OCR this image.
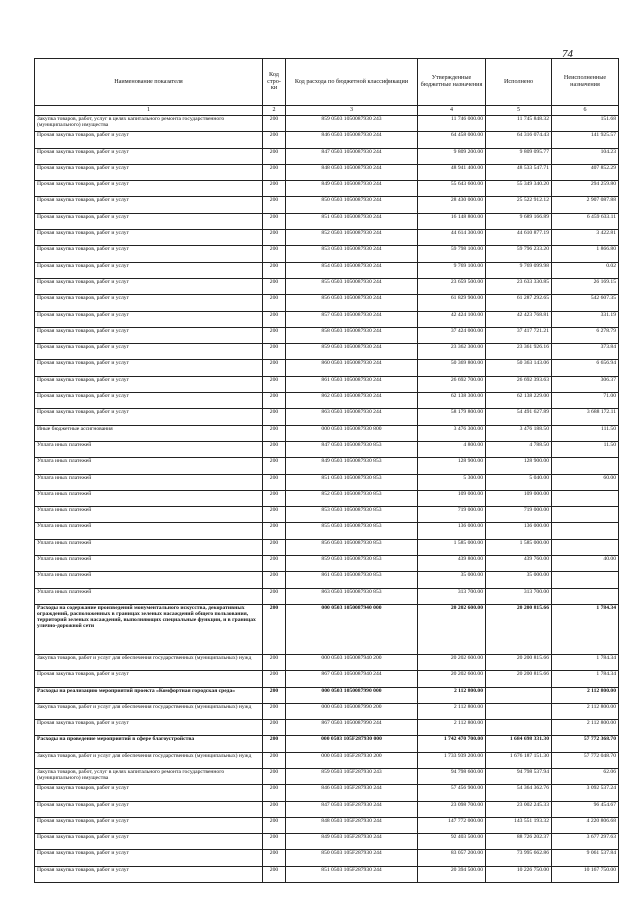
74
Наименование показателя	Код стро-ки	Код расхода по бюджетной классификации	Утвержденные бюджетные назначения	Исполнено	Неисполненные назначения
1	2	3	4	5	6
Закупка товаров, работ, услуг в целях капитального ремонта государственного (муниципального) имущества	200	859 0503 1050087930 243	11 746 000.00	11 745 848.32	151.68
Прочая закупка товаров, работ и услуг	200	846 0503 1050087930 244	64 458 000.00	64 316 074.43	141 925.57
Прочая закупка товаров, работ и услуг	200	847 0503 1050087930 244	9 809 200.00	9 809 095.77	104.23
Прочая закупка товаров, работ и услуг	200	848 0503 1050087930 244	48 941 400.00	48 533 547.71	407 852.29
Прочая закупка товаров, работ и услуг	200	849 0503 1050087930 244	55 643 600.00	55 349 340.20	294 259.80
Прочая закупка товаров, работ и услуг	200	850 0503 1050087930 244	28 430 000.00	25 522 912.12	2 907 087.88
Прочая закупка товаров, работ и услуг	200	851 0503 1050087930 244	16 148 800.00	9 689 166.89	6 459 633.11
Прочая закупка товаров, работ и услуг	200	852 0503 1050087930 244	44 614 300.00	44 610 877.19	3 422.81
Прочая закупка товаров, работ и услуг	200	853 0503 1050087930 244	59 798 100.00	59 796 233.20	1 866.80
Прочая закупка товаров, работ и услуг	200	854 0503 1050087930 244	9 769 100.00	9 769 099.98	0.02
Прочая закупка товаров, работ и услуг	200	855 0503 1050087930 244	23 659 500.00	23 633 330.85	26 169.15
Прочая закупка товаров, работ и услуг	200	856 0503 1050087930 244	61 829 900.00	61 287 292.65	542 607.35
Прочая закупка товаров, работ и услуг	200	857 0503 1050087930 244	42 424 100.00	42 423 768.81	331.19
Прочая закупка товаров, работ и услуг	200	858 0503 1050087930 244	37 424 000.00	37 417 721.21	6 278.79
Прочая закупка товаров, работ и услуг	200	859 0503 1050087930 244	23 362 300.00	23 361 926.16	373.84
Прочая закупка товаров, работ и услуг	200	860 0503 1050087930 244	50 369 800.00	50 363 143.06	6 656.94
Прочая закупка товаров, работ и услуг	200	861 0503 1050087930 244	26 692 700.00	26 692 393.63	306.37
Прочая закупка товаров, работ и услуг	200	862 0503 1050087930 244	62 138 300.00	62 138 229.00	71.00
Прочая закупка товаров, работ и услуг	200	863 0503 1050087930 244	58 179 800.00	54 491 627.89	3 688 172.11
Иные бюджетные ассигнования	200	000 0503 1050087930 800	3 476 300.00	3 476 188.50	111.50
Уплата иных платежей	200	847 0503 1050087930 853	4 800.00	4 788.50	11.50
Уплата иных платежей	200	849 0503 1050087930 853	128 900.00	128 900.00	
Уплата иных платежей	200	851 0503 1050087930 853	5 300.00	5 040.00	60.00
Уплата иных платежей	200	852 0503 1050087930 853	109 000.00	109 000.00	
Уплата иных платежей	200	853 0503 1050087930 853	719 000.00	719 000.00	
Уплата иных платежей	200	855 0503 1050087930 853	136 000.00	136 000.00	
Уплата иных платежей	200	856 0503 1050087930 853	1 585 000.00	1 585 000.00	
Уплата иных платежей	200	859 0503 1050087930 853	439 800.00	439 760.00	40.00
Уплата иных платежей	200	861 0503 1050087930 853	35 000.00	35 000.00	
Уплата иных платежей	200	863 0503 1050087930 853	313 700.00	313 700.00	
Расходы на содержание произведений монументального искусства, декоративных ограждений, расположенных в границах зеленых насаждений общего пользования, территорий зеленых насаждений, выполняющих специальные функции, и в границах улично-дорожной сети	200	000 0503 1050087940 000	20 202 600.00	20 200 815.66	1 784.34
Закупка товаров, работ и услуг для обеспечения государственных (муниципальных) нужд	200	000 0503 1050087940 200	20 202 600.00	20 200 815.66	1 784.34
Прочая закупка товаров, работ и услуг	200	867 0503 1050087940 244	20 202 600.00	20 200 815.66	1 784.34
Расходы на реализацию мероприятий проекта «Комфортная городская среда»	200	000 0503 1050087990 000	2 112 800.00		2 112 800.00
Закупка товаров, работ и услуг для обеспечения государственных (муниципальных) нужд	200	000 0503 1050087990 200	2 112 800.00		2 112 800.00
Прочая закупка товаров, работ и услуг	200	867 0503 1050087990 244	2 112 800.00		2 112 800.00
Расходы на проведение мероприятий в сфере благоустройства	200	000 0503 105F287930 000	1 742 470 700.00	1 684 698 331.30	57 772 368.70
Закупка товаров, работ и услуг для обеспечения государственных (муниципальных) нужд	200	000 0503 105F287930 200	1 733 939 200.00	1 676 187 151.30	57 772 048.70
Закупка товаров, работ, услуг в целях капитального ремонта государственного (муниципального) имущества	200	859 0503 105F287930 243	94 798 600.00	94 798 537.94	62.06
Прочая закупка товаров, работ и услуг	200	846 0503 105F287930 244	57 456 900.00	54 364 362.76	3 092 537.24
Прочая закупка товаров, работ и услуг	200	847 0503 105F287930 244	23 098 700.00	23 002 245.33	96 454.67
Прочая закупка товаров, работ и услуг	200	848 0503 105F287930 244	147 772 000.00	143 551 193.32	4 220 806.68
Прочая закупка товаров, работ и услуг	200	849 0503 105F287930 244	92 403 500.00	88 726 202.37	3 677 297.63
Прочая закупка товаров, работ и услуг	200	850 0503 105F287930 244	83 057 200.00	73 995 662.86	9 061 537.84
Прочая закупка товаров, работ и услуг	200	851 0503 105F287930 244	20 394 500.00	10 226 750.00	10 167 750.00
